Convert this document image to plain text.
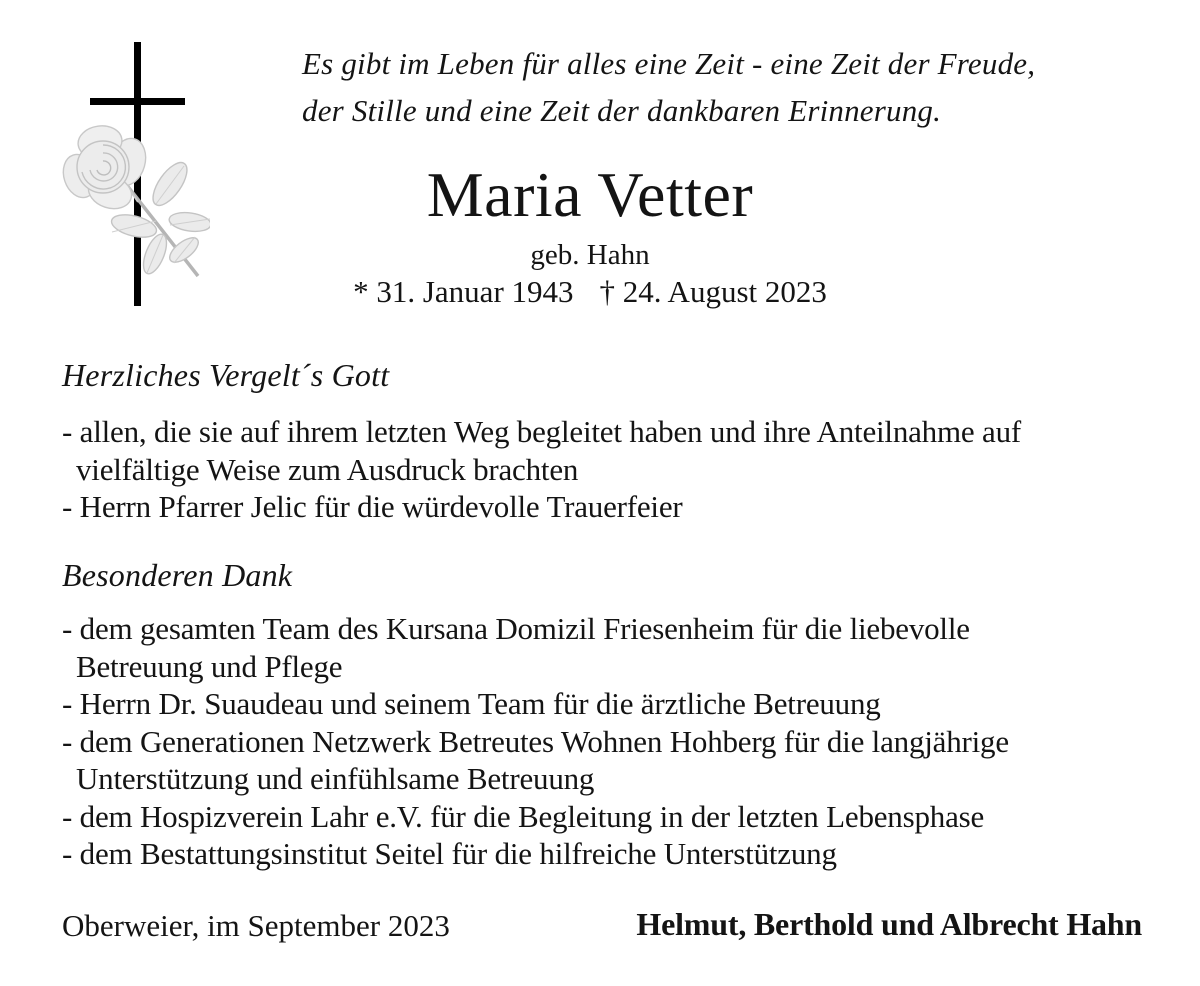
Es gibt im Leben für alles eine Zeit - eine Zeit der Freude,
der Stille und eine Zeit der dankbaren Erinnerung.
Maria Vetter
geb. Hahn
* 31. Januar 1943 † 24. August 2023
Herzliches Vergelt´s Gott
- allen, die sie auf ihrem letzten Weg begleitet haben und ihre Anteilnahme auf
vielfältige Weise zum Ausdruck brachten
- Herrn Pfarrer Jelic für die würdevolle Trauerfeier
Besonderen Dank
- dem gesamten Team des Kursana Domizil Friesenheim für die liebevolle
Betreuung und Pflege
- Herrn Dr. Suaudeau und seinem Team für die ärztliche Betreuung
- dem Generationen Netzwerk Betreutes Wohnen Hohberg für die langjährige
Unterstützung und einfühlsame Betreuung
- dem Hospizverein Lahr e.V. für die Begleitung in der letzten Lebensphase
- dem Bestattungsinstitut Seitel für die hilfreiche Unterstützung
Oberweier, im September 2023	Helmut, Berthold und Albrecht Hahn
